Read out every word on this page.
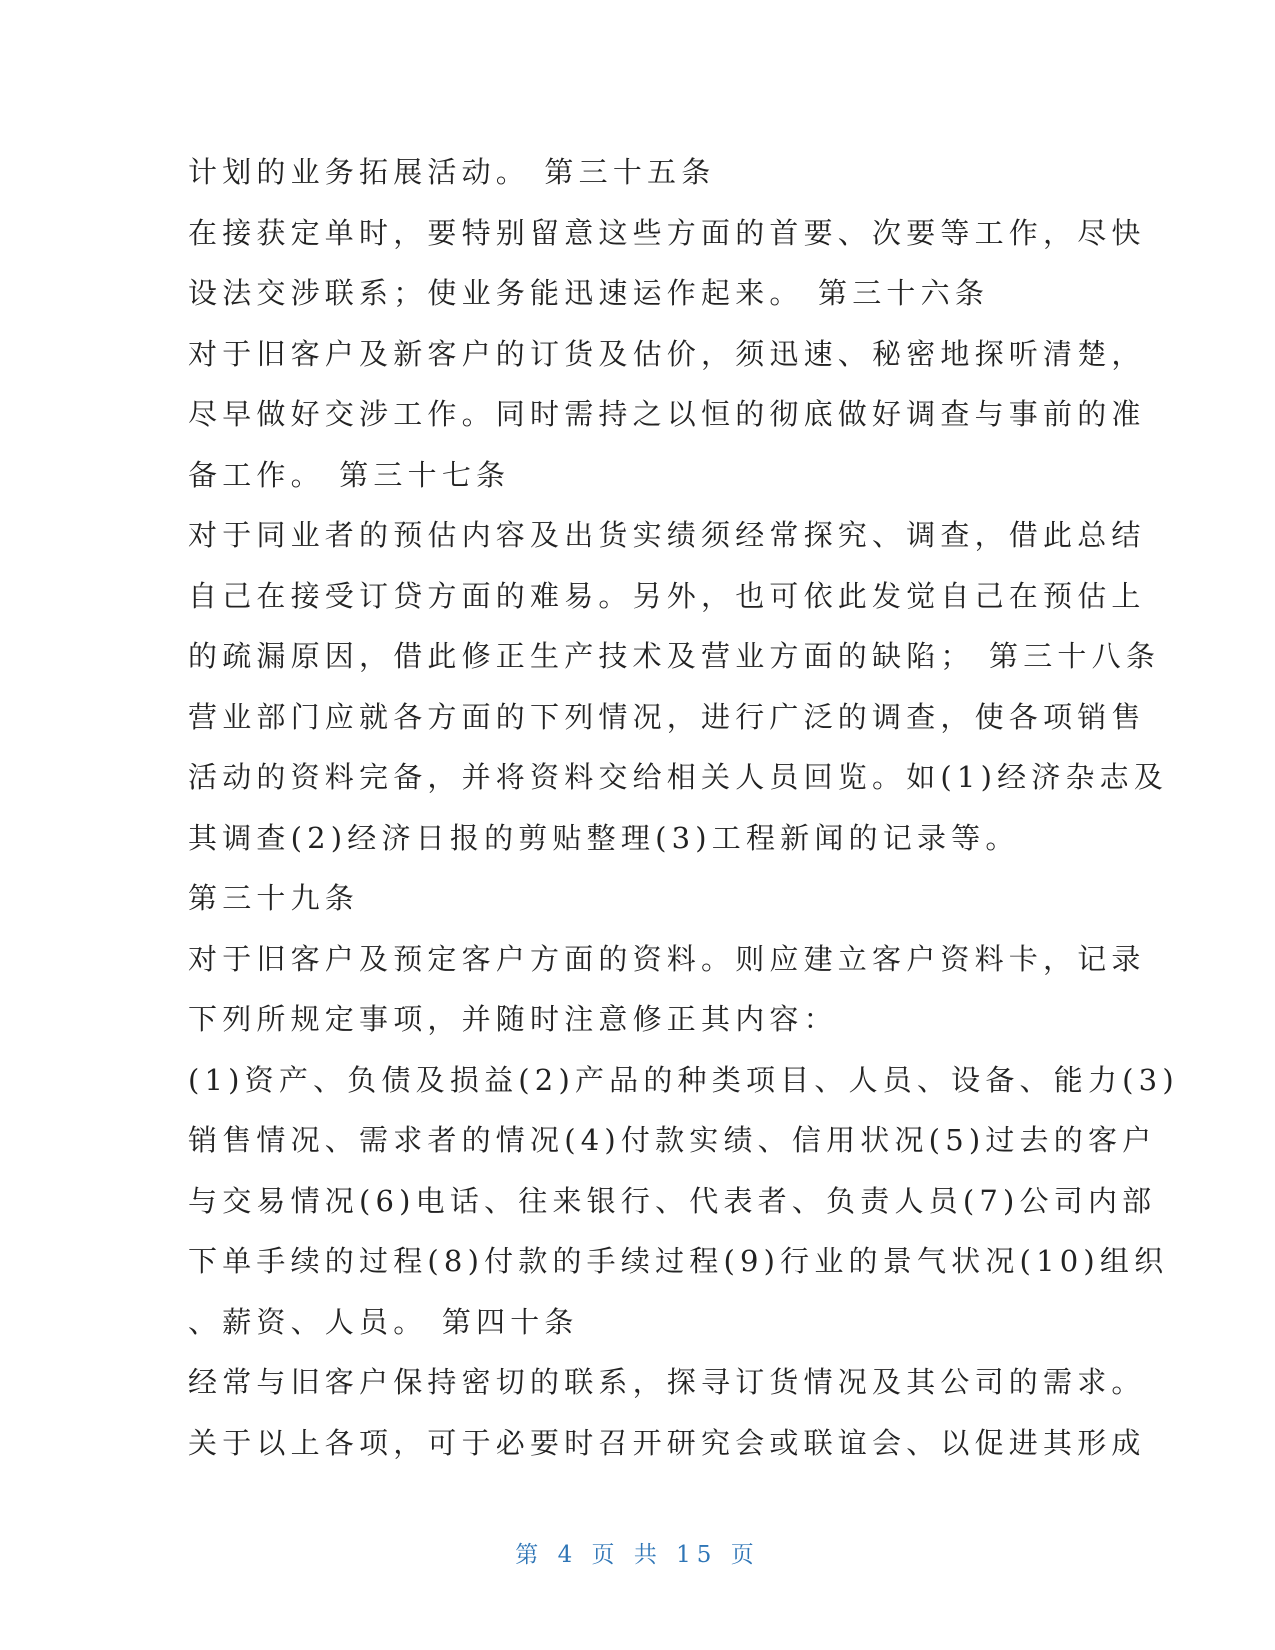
计划的业务拓展活动。 第三十五条
在接获定单时，要特别留意这些方面的首要、次要等工作，尽快
设法交涉联系；使业务能迅速运作起来。 第三十六条
对于旧客户及新客户的订货及估价，须迅速、秘密地探听清楚，
尽早做好交涉工作。同时需持之以恒的彻底做好调查与事前的准
备工作。 第三十七条
对于同业者的预估内容及出货实绩须经常探究、调查，借此总结
自己在接受订贷方面的难易。另外，也可依此发觉自己在预估上
的疏漏原因，借此修正生产技术及营业方面的缺陷； 第三十八条
营业部门应就各方面的下列情况，进行广泛的调查，使各项销售
活动的资料完备，并将资料交给相关人员回览。如(1)经济杂志及
其调查(2)经济日报的剪贴整理(3)工程新闻的记录等。
第三十九条
对于旧客户及预定客户方面的资料。则应建立客户资料卡，记录
下列所规定事项，并随时注意修正其内容：
(1)资产、负债及损益(2)产品的种类项目、人员、设备、能力(3)
销售情况、需求者的情况(4)付款实绩、信用状况(5)过去的客户
与交易情况(6)电话、往来银行、代表者、负责人员(7)公司内部
下单手续的过程(8)付款的手续过程(9)行业的景气状况(10)组织
、薪资、人员。 第四十条
经常与旧客户保持密切的联系，探寻订货情况及其公司的需求。
关于以上各项，可于必要时召开研究会或联谊会、以促进其形成
第 4 页 共 15 页
